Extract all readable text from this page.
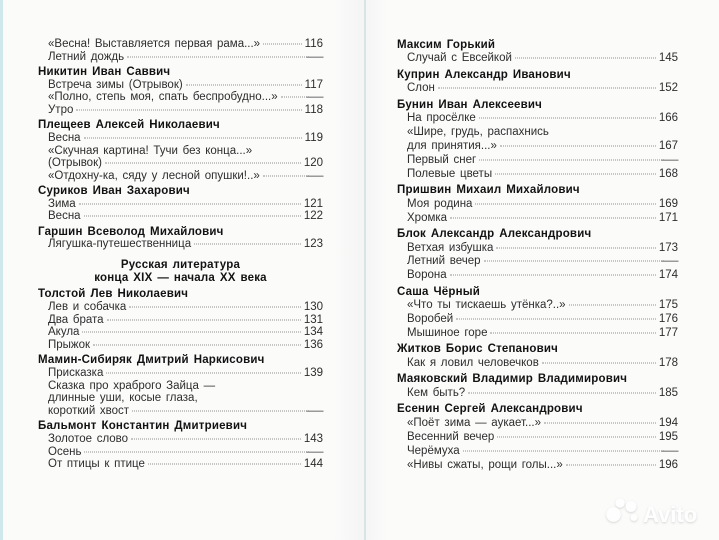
«Весна! Выставляется первая рама...»	116
Летний дождь	—
Никитин Иван Саввич
Встреча зимы (Отрывок)	117
«Полно, степь моя, спать беспробудно...» —
Утро	118
Плещеев Алексей Николаевич
Весна	119
«Скучная картина! Тучи без конца...»
(Отрывок)	120
«Отдохну-ка, сяду у лесной опушки!..»	—
Суриков Иван Захарович
Зима	121
Весна	122
Гаршин Всеволод Михайлович
Лягушка-путешественница	123
Русская литература
конца XIX — начала XX века
Толстой Лев Николаевич
Лев и собачка	130
Два брата	131
Акула	134
Прыжок	136
Мамин-Сибиряк Дмитрий Наркисович
Присказка	139
Сказка про храброго Зайца —
длинные уши, косые глаза,
короткий хвост	—
Бальмонт Константин Дмитриевич
Золотое слово	143
Осень	—
От птицы к птице	144
Максим Горький
Случай с Евсейкой	145
Куприн Александр Иванович
Слон	152
Бунин Иван Алексеевич
На просёлке	166
«Шире, грудь, распахнись
для принятия...»	167
Первый снег	—
Полевые цветы	168
Пришвин Михаил Михайлович
Моя родина	169
Хромка	171
Блок Александр Александрович
Ветхая избушка	173
Летний вечер	—
Ворона	174
Саша Чёрный
«Что ты тискаешь утёнка?..»	175
Воробей	176
Мышиное горе	177
Житков Борис Степанович
Как я ловил человечков	178
Маяковский Владимир Владимирович
Кем быть?	185
Есенин Сергей Александрович
«Поёт зима — аукает...»	194
Весенний вечер	195
Черёмуха	—
«Нивы сжаты, рощи голы...»	196
Avito
